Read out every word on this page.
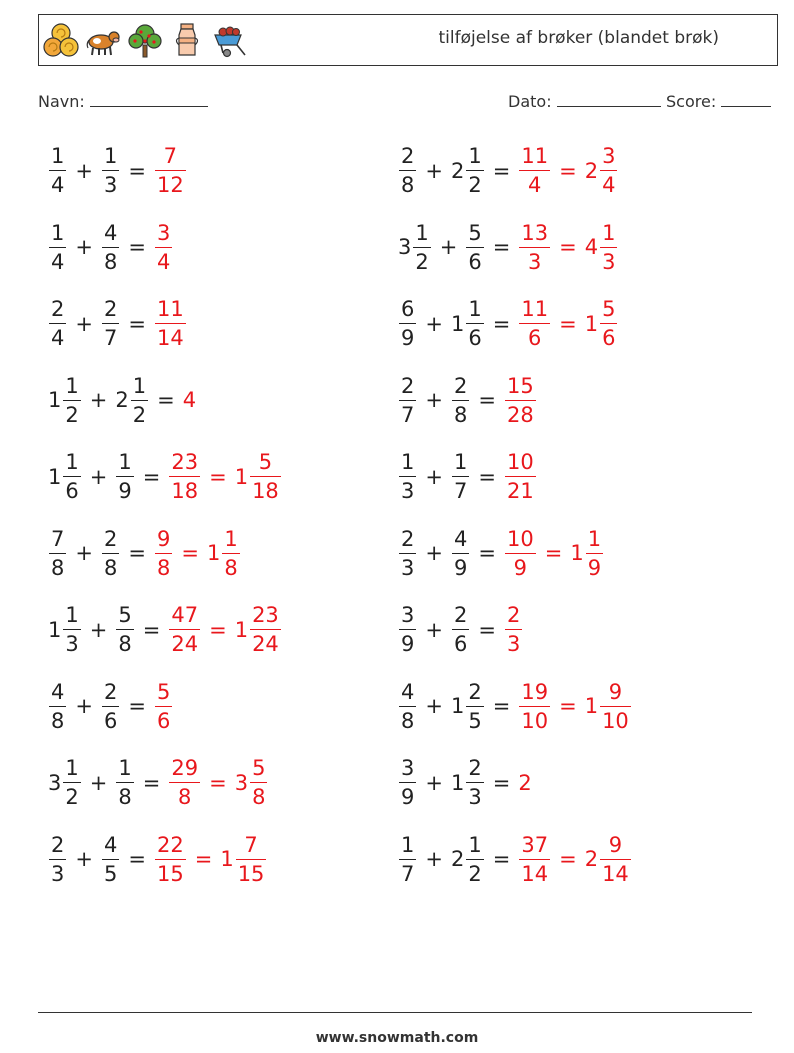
tilføjelse af brøker (blandet brøk)
Navn:	Dato:	Score:
$\frac{1}{4} + \frac{1}{3} = \frac{7}{12}$	$\frac{2}{8} + 2 \frac{1}{2} = \frac{11}{4} = 2 \frac{3}{4}$
$\frac{1}{4} + \frac{4}{8} = \frac{3}{4}$	$3 \frac{1}{2} + \frac{5}{6} = \frac{13}{3} = 4 \frac{1}{3}$
$\frac{2}{4} + \frac{2}{7} = \frac{11}{14}$	$\frac{6}{9} + 1 \frac{1}{6} = \frac{11}{6} = 1 \frac{5}{6}$
$1 \frac{1}{2} + 2 \frac{1}{2} = 4$	$\frac{2}{7} + \frac{2}{8} = \frac{15}{28}$
$1 \frac{1}{6} + \frac{1}{9} = \frac{23}{18} = 1 \frac{5}{18}$	$\frac{1}{3} + \frac{1}{7} = \frac{10}{21}$
$\frac{7}{8} + \frac{2}{8} = \frac{9}{8} = 1 \frac{1}{8}$	$\frac{2}{3} + \frac{4}{9} = \frac{10}{9} = 1 \frac{1}{9}$
$1 \frac{1}{3} + \frac{5}{8} = \frac{47}{24} = 1 \frac{23}{24}$	$\frac{3}{9} + \frac{2}{6} = \frac{2}{3}$
$\frac{4}{8} + \frac{2}{6} = \frac{5}{6}$	$\frac{4}{8} + 1 \frac{2}{5} = \frac{19}{10} = 1 \frac{9}{10}$
$3 \frac{1}{2} + \frac{1}{8} = \frac{29}{8} = 3 \frac{5}{8}$	$\frac{3}{9} + 1 \frac{2}{3} = 2$
$\frac{2}{3} + \frac{4}{5} = \frac{22}{15} = 1 \frac{7}{15}$	$\frac{1}{7} + 2 \frac{1}{2} = \frac{37}{14} = 2 \frac{9}{14}$
www.snowmath.com
